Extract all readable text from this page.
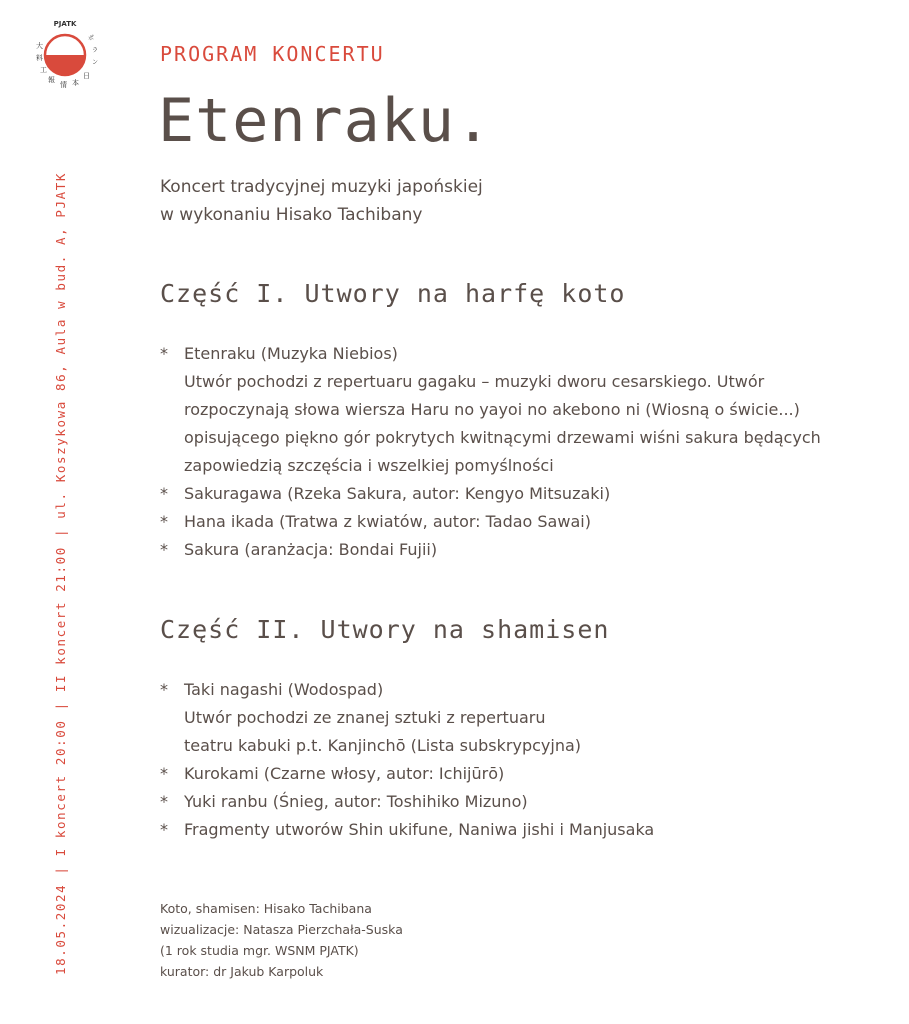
PJATK
大
料
工
報
情 本
日
ポ
ラ
ン
18.05.2024 | I koncert 20:00 | II koncert 21:00 | ul. Koszykowa 86, Aula w bud. A, PJATK
PROGRAM KONCERTU
Etenraku.
Koncert tradycyjnej muzyki japońskiej
w wykonaniu Hisako Tachibany
Część I. Utwory na harfę koto
* Etenraku (Muzyka Niebios)
Utwór pochodzi z repertuaru gagaku – muzyki dworu cesarskiego. Utwór
rozpoczynają słowa wiersza Haru no yayoi no akebono ni (Wiosną o świcie...)
opisującego piękno gór pokrytych kwitnącymi drzewami wiśni sakura będących
zapowiedzią szczęścia i wszelkiej pomyślności
* Sakuragawa (Rzeka Sakura, autor: Kengyo Mitsuzaki)
* Hana ikada (Tratwa z kwiatów, autor: Tadao Sawai)
* Sakura (aranżacja: Bondai Fujii)
Część II. Utwory na shamisen
* Taki nagashi (Wodospad)
Utwór pochodzi ze znanej sztuki z repertuaru
teatru kabuki p.t. Kanjinchō (Lista subskrypcyjna)
* Kurokami (Czarne włosy, autor: Ichijūrō)
* Yuki ranbu (Śnieg, autor: Toshihiko Mizuno)
* Fragmenty utworów Shin ukifune, Naniwa jishi i Manjusaka
Koto, shamisen: Hisako Tachibana
wizualizacje: Natasza Pierzchała-Suska
(1 rok studia mgr. WSNM PJATK)
kurator: dr Jakub Karpoluk
